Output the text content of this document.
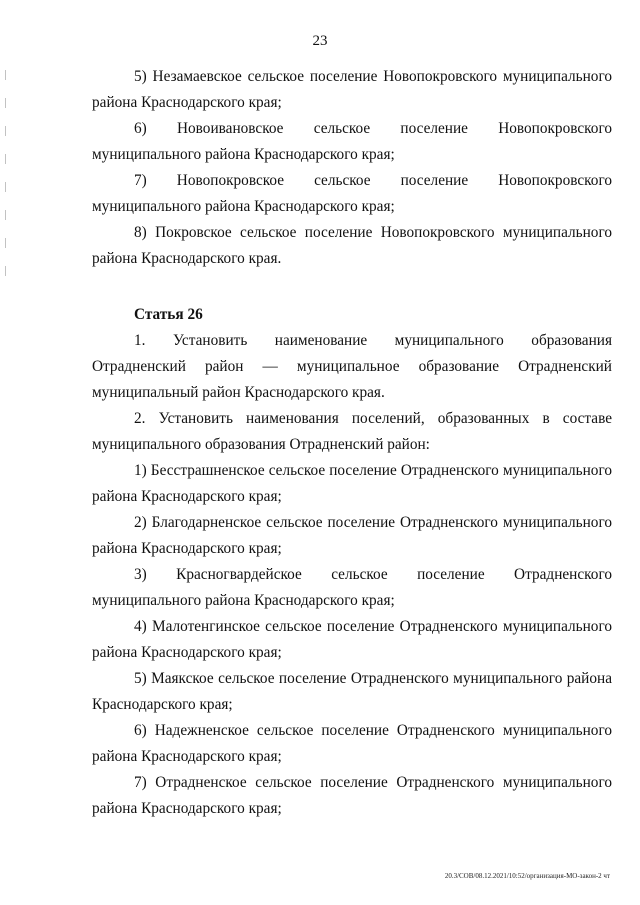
23

5) Незамаевское сельское поселение Новопокровского муниципального района Краснодарского края;

6) Новоивановское сельское поселение Новопокровского муниципального района Краснодарского края;

7) Новопокровское сельское поселение Новопокровского муниципального района Краснодарского края;

8) Покровское сельское поселение Новопокровского муниципального района Краснодарского края.

Статья 26

1. Установить наименование муниципального образования Отрадненский район — муниципальное образование Отрадненский муниципальный район Краснодарского края.

2. Установить наименования поселений, образованных в составе муниципального образования Отрадненский район:

1) Бесстрашненское сельское поселение Отрадненского муниципального района Краснодарского края;

2) Благодарненское сельское поселение Отрадненского муниципального района Краснодарского края;

3) Красногвардейское сельское поселение Отрадненского муниципального района Краснодарского края;

4) Малотенгинское сельское поселение Отрадненского муниципального района Краснодарского края;

5) Маякское сельское поселение Отрадненского муниципального района Краснодарского края;

6) Надежненское сельское поселение Отрадненского муниципального района Краснодарского края;

7) Отрадненское сельское поселение Отрадненского муниципального района Краснодарского края;

20.3/СОВ/08.12.2021/10:52/организация-МО-закон-2 чт
